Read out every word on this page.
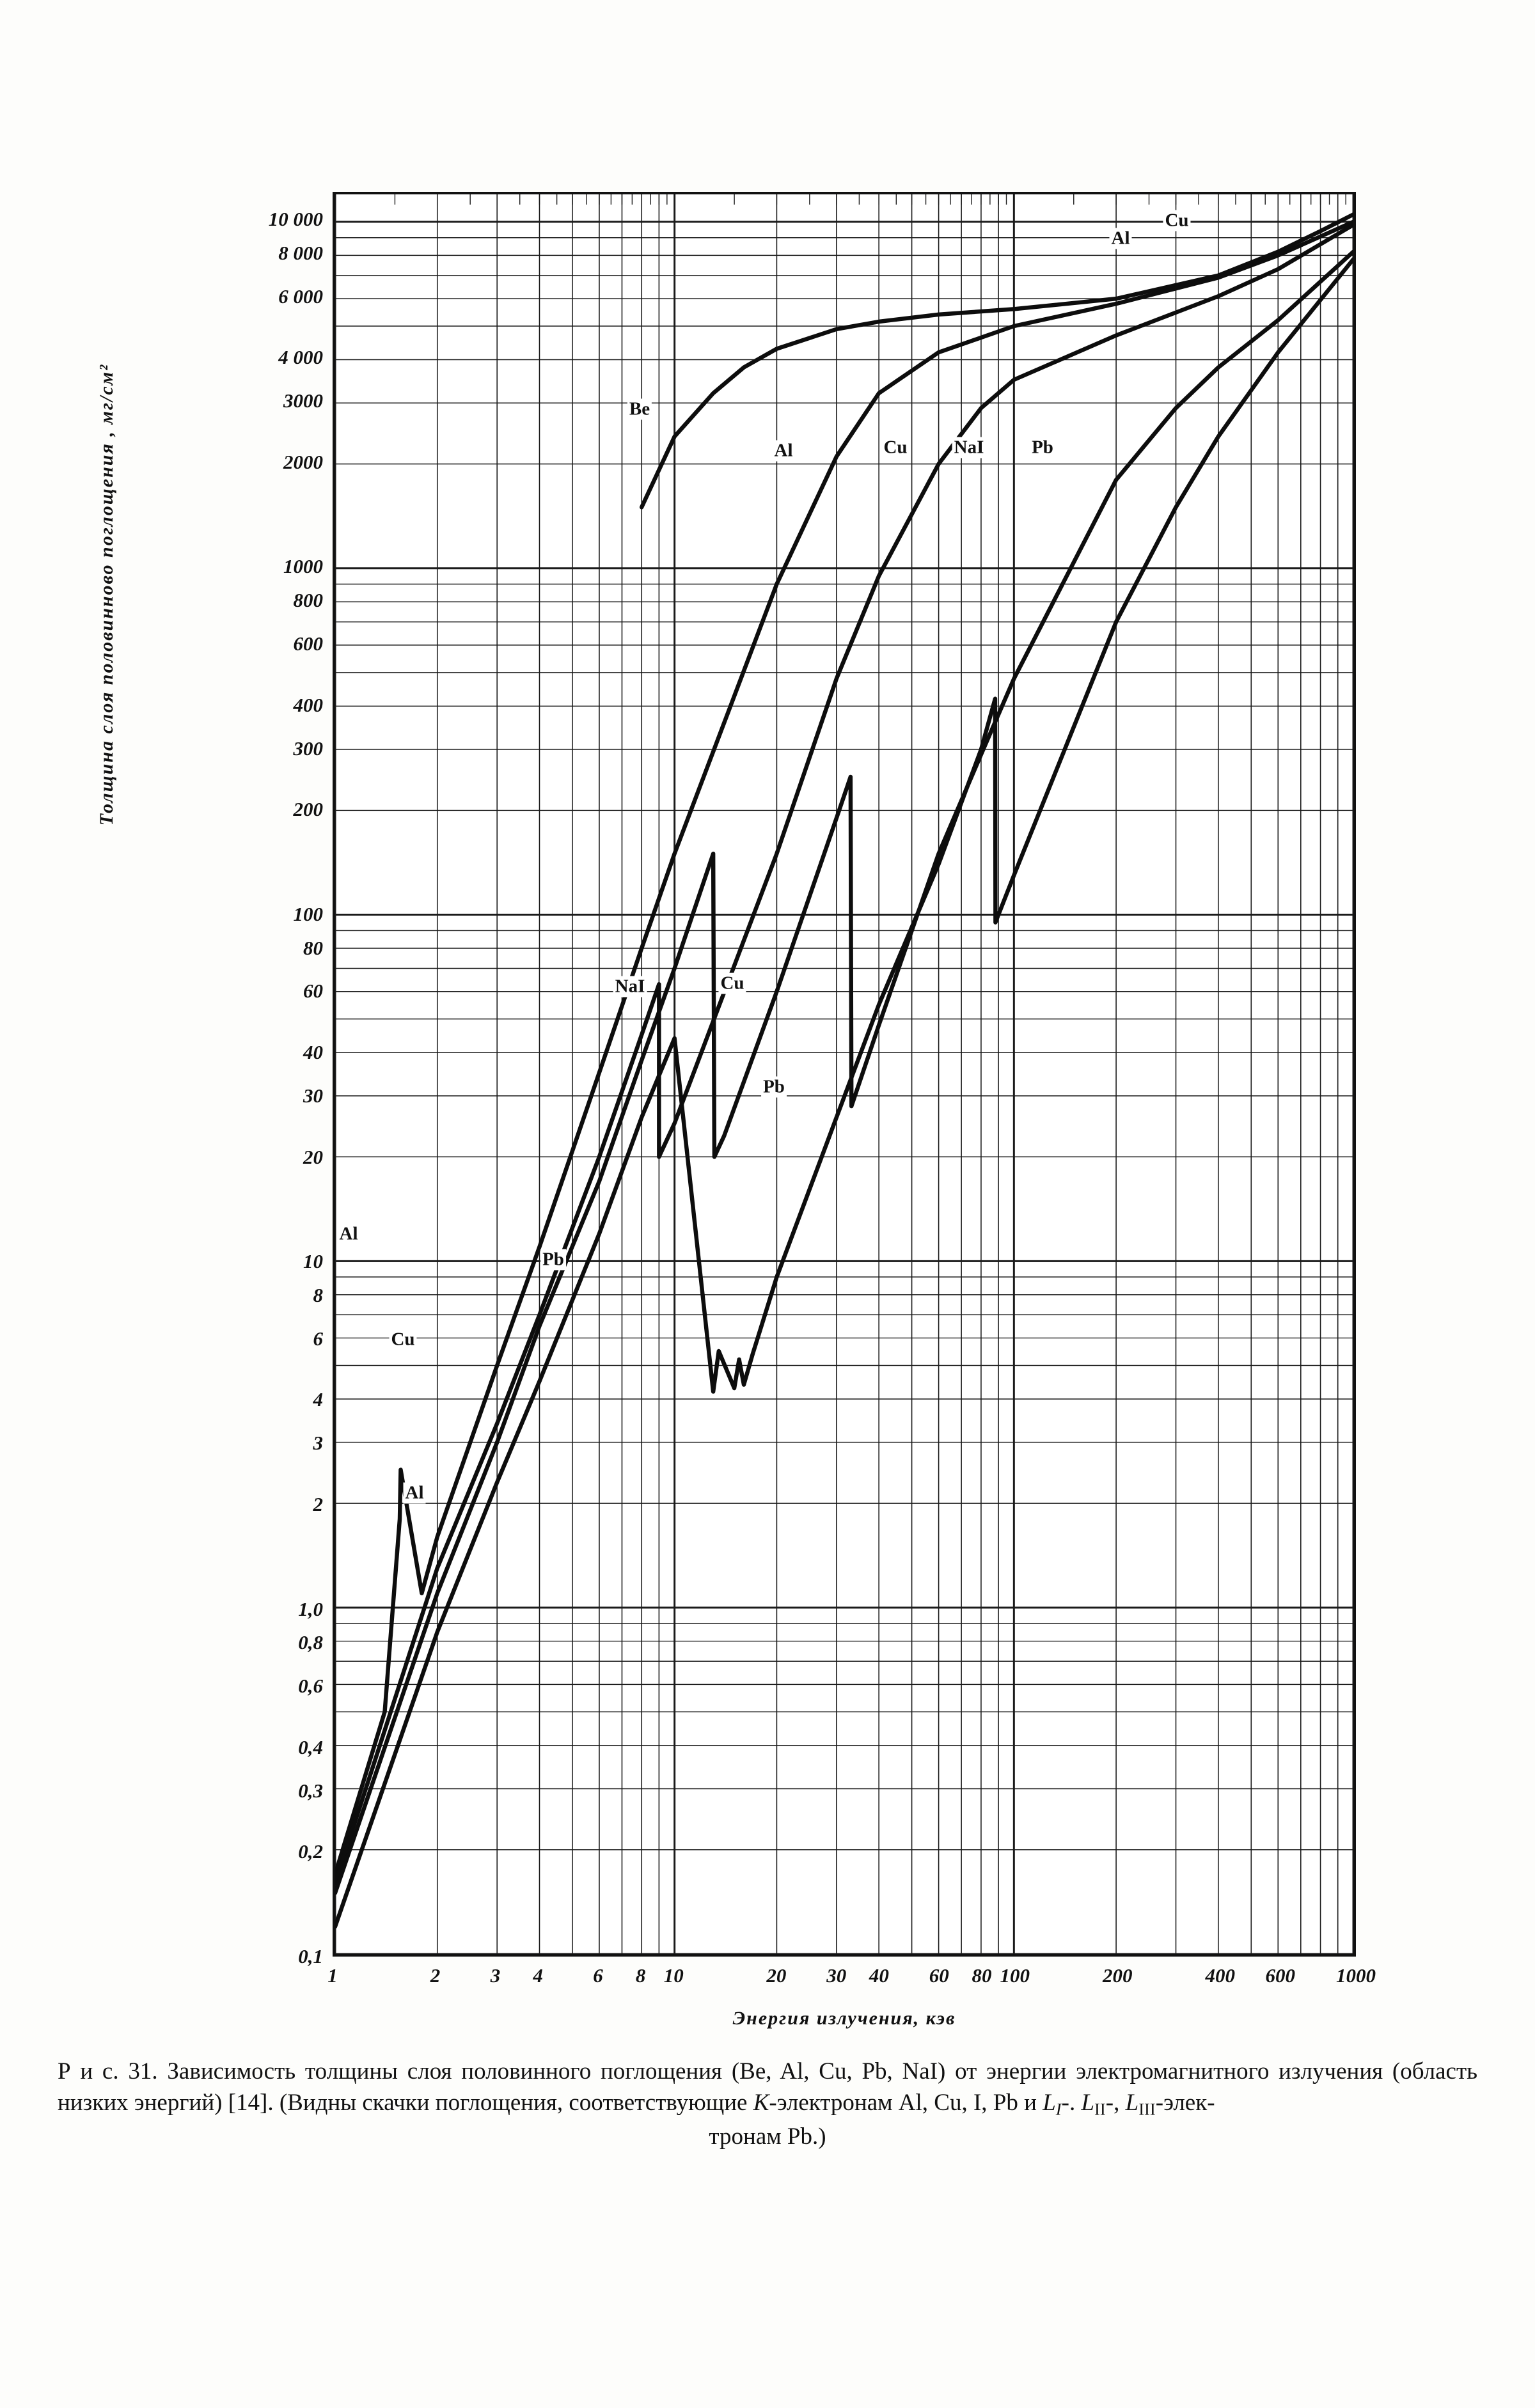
Толщина слоя половинново поглощения , мг/см²
10 000
8 000
6 000
4 000
3000
2000
1000
800
600
400
300
200
100
80
60
40
30
20
10
8
6
4
3
2
1,0
0,8
0,6
0,4
0,3
0,2
0,1
1	2	3 4	6 8 10	20 30 40 60 80 100	200	400 600 1000
Энергия излучения, кэв
Be
Al	Cu	NaI	Pb
Al
Cu
NaI	Cu
Pb
Pb
Al
Cu
Al
Р и с. 31. Зависимость толщины слоя половинного поглощения (Be, Al, Cu, Pb, NaI) от энергии электромагнитного излучения (область низких энергий) [14]. (Видны скачки поглощения, соответствующие K-электронам Al, Cu, I, Pb и $L_I-$. $L_{II}-$, $L_{III}-элек-$
тронам Pb.)
